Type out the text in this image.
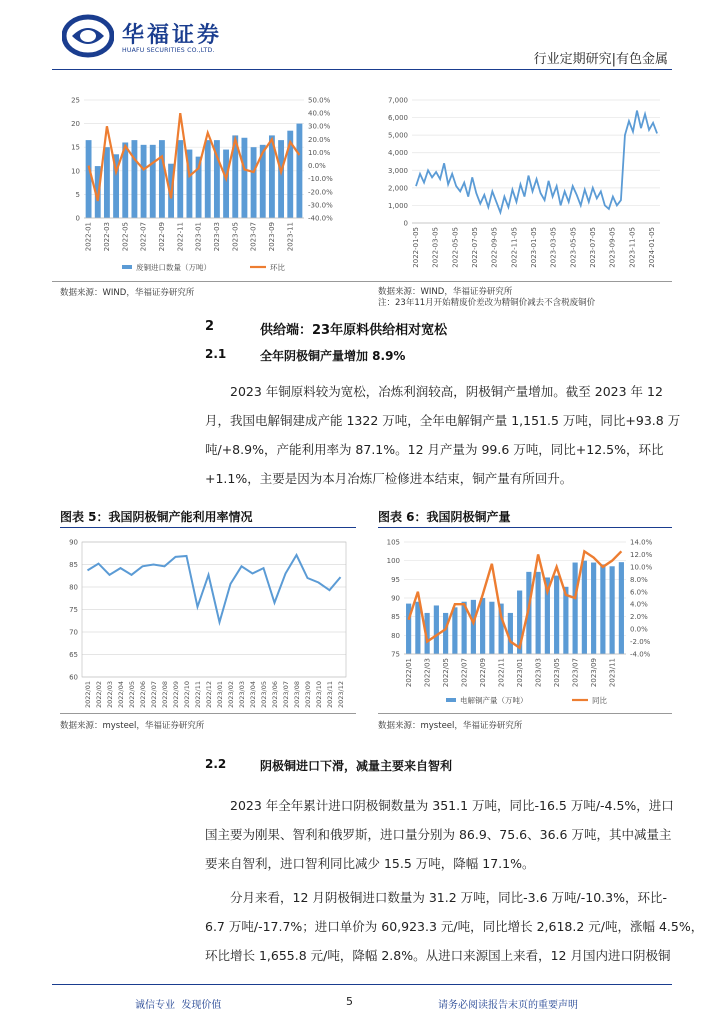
华福证券
HUAFU SECURITIES CO.,LTD.
行业定期研究|有色金属
0
5
10
15
20
25	50.0%
40.0%
30.0%
20.0%
10.0%
0.0%
-10.0%
-20.0%
-30.0%
-40.0%
2022-01 2022-03 2022-05 2022-07 2022-09 2022-11 2023-01 2023-03 2023-05 2023-07 2023-09 2023-11
废铜进口数量（万吨）	环比
0
1,000
2,000
3,000
4,000
5,000
6,000
7,000
2022-01-05 2022-03-05 2022-05-05 2022-07-05 2022-09-05 2022-11-05 2023-01-05 2023-03-05 2023-05-05 2023-07-05 2023-09-05 2023-11-05 2024-01-05
数据来源：WIND，华福证券研究所	数据来源：WIND，华福证券研究所
注：23年11月开始精废价差改为精铜价减去不含税废铜价
2	供给端：23年原料供给相对宽松
2.1	全年阴极铜产量增加 8.9%
2023 年铜原料较为宽松，冶炼利润较高，阴极铜产量增加。截至 2023 年 12
月，我国电解铜建成产能 1322 万吨，全年电解铜产量 1,151.5 万吨，同比+93.8 万
吨/+8.9%，产能利用率为 87.1%。12 月产量为 99.6 万吨，同比+12.5%，环比
+1.1%，主要是因为本月冶炼厂检修进本结束，铜产量有所回升。
图表 5：我国阴极铜产能利用率情况	图表 6：我国阴极铜产量
60
65
70
75
80
85
90
2022/01 2022/02 2022/03 2022/04 2022/05 2022/06 2022/07 2022/08 2022/09 2022/10 2022/11 2022/12 2023/01 2023/02 2023/03 2023/04 2023/05 2023/06 2023/07 2023/08 2023/09 2023/10 2023/11 2023/12
75
80
85
90
95
100
105	14.0%
12.0%
10.0%
8.0%
6.0%
4.0%
2.0%
0.0%
-2.0%
-4.0%
2022/01 2022/03 2022/05 2022/07 2022/09 2022/11 2023/01 2023/03 2023/05 2023/07 2023/09 2023/11
电解铜产量（万吨）	同比
数据来源：mysteel，华福证券研究所	数据来源：mysteel，华福证券研究所
2.2	阴极铜进口下滑，减量主要来自智利
2023 年全年累计进口阴极铜数量为 351.1 万吨，同比-16.5 万吨/-4.5%，进口
国主要为刚果、智利和俄罗斯，进口量分别为 86.9、75.6、36.6 万吨，其中减量主
要来自智利，进口智利同比减少 15.5 万吨，降幅 17.1%。
分月来看，12 月阴极铜进口数量为 31.2 万吨，同比-3.6 万吨/-10.3%，环比-
6.7 万吨/-17.7%；进口单价为 60,923.3 元/吨，同比增长 2,618.2 元/吨，涨幅 4.5%，
环比增长 1,655.8 元/吨，降幅 2.8%。从进口来源国上来看，12 月国内进口阴极铜
诚信专业  发现价值	5	请务必阅读报告末页的重要声明
